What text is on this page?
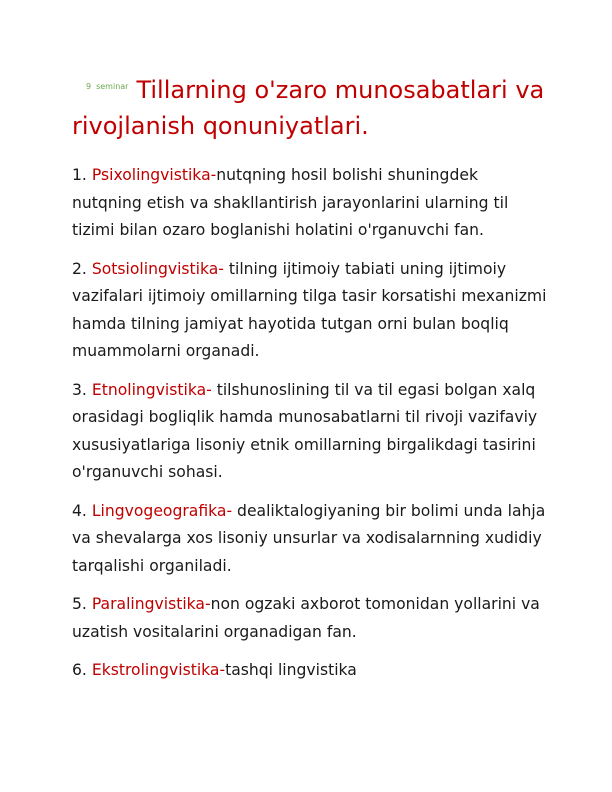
9 seminar Tillarning o'zaro munosabatlari va rivojlanish qonuniyatlari.

1. Psixolingvistika-nutqning hosil bolishi shuningdek nutqning etish va shakllantirish jarayonlarini ularning til tizimi bilan ozaro boglanishi holatini o'rganuvchi fan.

2. Sotsiolingvistika- tilning ijtimoiy tabiati uning ijtimoiy vazifalari ijtimoiy omillarning tilga tasir korsatishi mexanizmi hamda tilning jamiyat hayotida tutgan orni bulan boqliq muammolarni organadi.

3. Etnolingvistika- tilshunoslining til va til egasi bolgan xalq orasidagi bogliqlik hamda munosabatlarni til rivoji vazifaviy xususiyatlariga lisoniy etnik omillarning birgalikdagi tasirini o'rganuvchi sohasi.

4. Lingvogeografika- dealiktalogiyaning bir bolimi unda lahja va shevalarga xos lisoniy unsurlar va xodisalarnning xudidiy tarqalishi organiladi.

5. Paralingvistika-non ogzaki axborot tomonidan yollarini va uzatish vositalarini organadigan fan.

6. Ekstrolingvistika-tashqi lingvistika
